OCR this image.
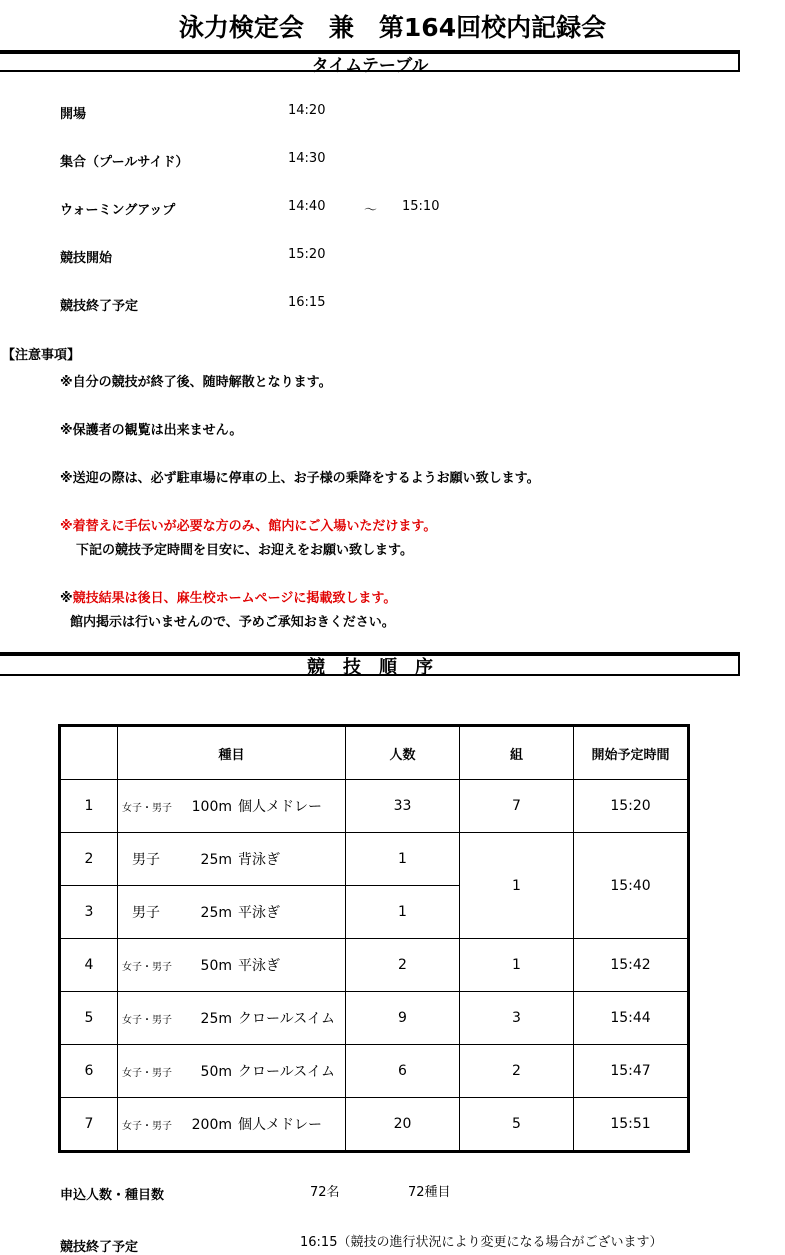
泳力検定会　兼　第164回校内記録会
タイムテーブル
開場	14:20
集合（プールサイド）	14:30
ウォーミングアップ	14:40	～ 15:10
競技開始	15:20
競技終了予定	16:15
【注意事項】
※自分の競技が終了後、随時解散となります。
※保護者の観覧は出来ません。
※送迎の際は、必ず駐車場に停車の上、お子様の乗降をするようお願い致します。
※着替えに手伝いが必要な方のみ、館内にご入場いただけます。
下記の競技予定時間を目安に、お迎えをお願い致します。
※競技結果は後日、麻生校ホームページに掲載致します。
館内掲示は行いませんので、予めご承知おきください。
競　技　順　序
	種目	人数	組	開始予定時間
1	女子・男子 100m 個人メドレー	33	7	15:20
2	男子 25m 背泳ぎ	1	1	15:40
3	男子 25m 平泳ぎ	1		
4	女子・男子 50m 平泳ぎ	2	1	15:42
5	女子・男子 25m クロールスイム	9	3	15:44
6	女子・男子 50m クロールスイム	6	2	15:47
7	女子・男子 200m 個人メドレー	20	5	15:51
申込人数・種目数	72名	72種目
競技終了予定	16:15（競技の進行状況により変更になる場合がございます）
